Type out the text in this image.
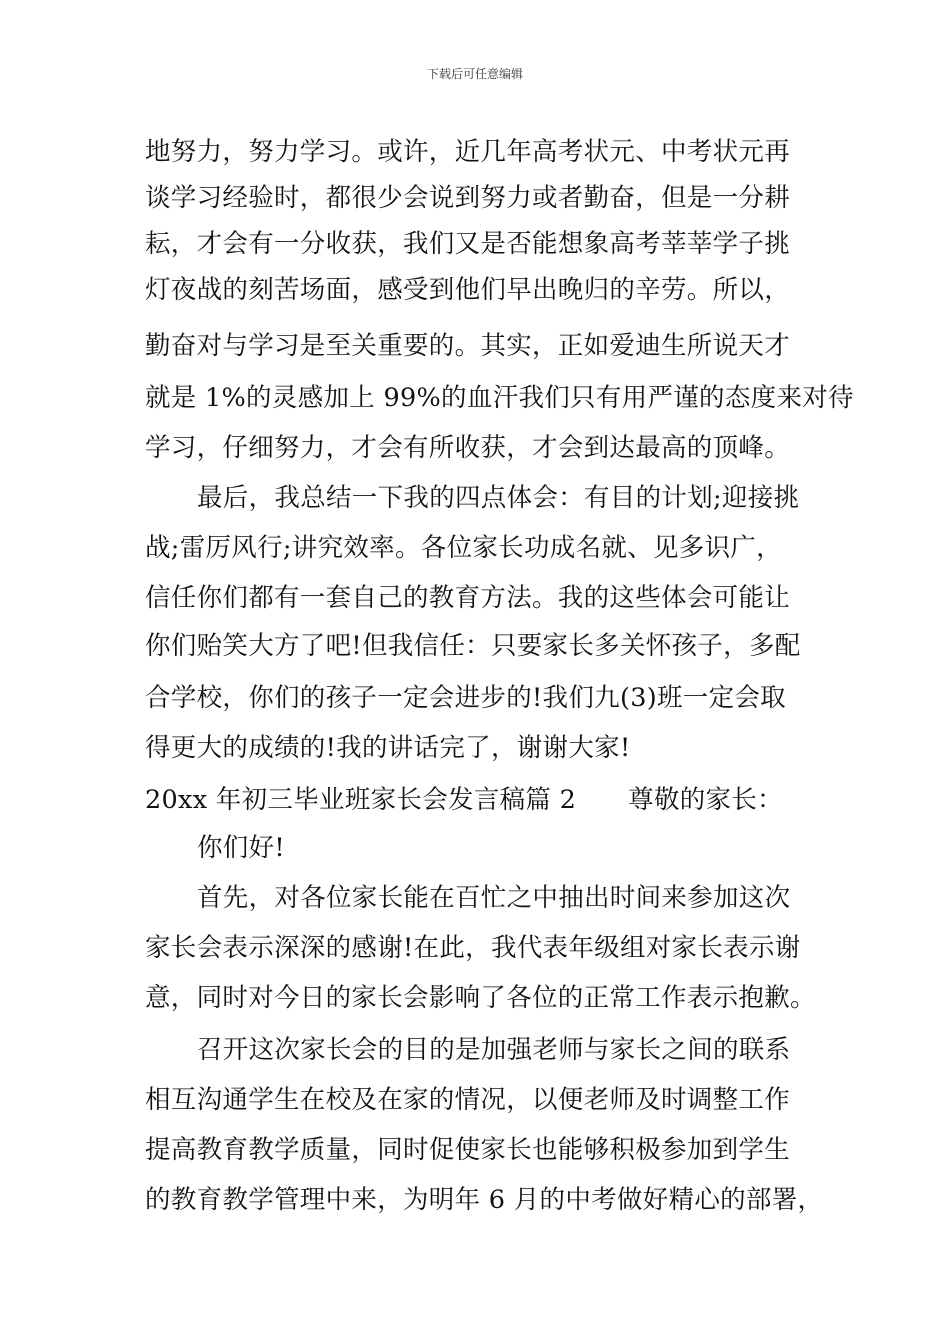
下载后可任意编辑
地努力，努力学习。或许，近几年高考状元、中考状元再
谈学习经验时，都很少会说到努力或者勤奋，但是一分耕
耘，才会有一分收获，我们又是否能想象高考莘莘学子挑
灯夜战的刻苦场面，感受到他们早出晚归的辛劳。所以，
勤奋对与学习是至关重要的。其实，正如爱迪生所说天才
就是 1%的灵感加上 99%的血汗我们只有用严谨的态度来对待
学习，仔细努力，才会有所收获，才会到达最高的顶峰。
最后，我总结一下我的四点体会：有目的计划;迎接挑
战;雷厉风行;讲究效率。各位家长功成名就、见多识广，
信任你们都有一套自己的教育方法。我的这些体会可能让
你们贻笑大方了吧!但我信任：只要家长多关怀孩子，多配
合学校，你们的孩子一定会进步的!我们九(3)班一定会取
得更大的成绩的!我的讲话完了，谢谢大家!
20xx 年初三毕业班家长会发言稿篇 2 尊敬的家长：
你们好!
首先，对各位家长能在百忙之中抽出时间来参加这次
家长会表示深深的感谢!在此，我代表年级组对家长表示谢
意，同时对今日的家长会影响了各位的正常工作表示抱歉。
召开这次家长会的目的是加强老师与家长之间的联系
相互沟通学生在校及在家的情况，以便老师及时调整工作
提高教育教学质量，同时促使家长也能够积极参加到学生
的教育教学管理中来，为明年 6 月的中考做好精心的部署，
